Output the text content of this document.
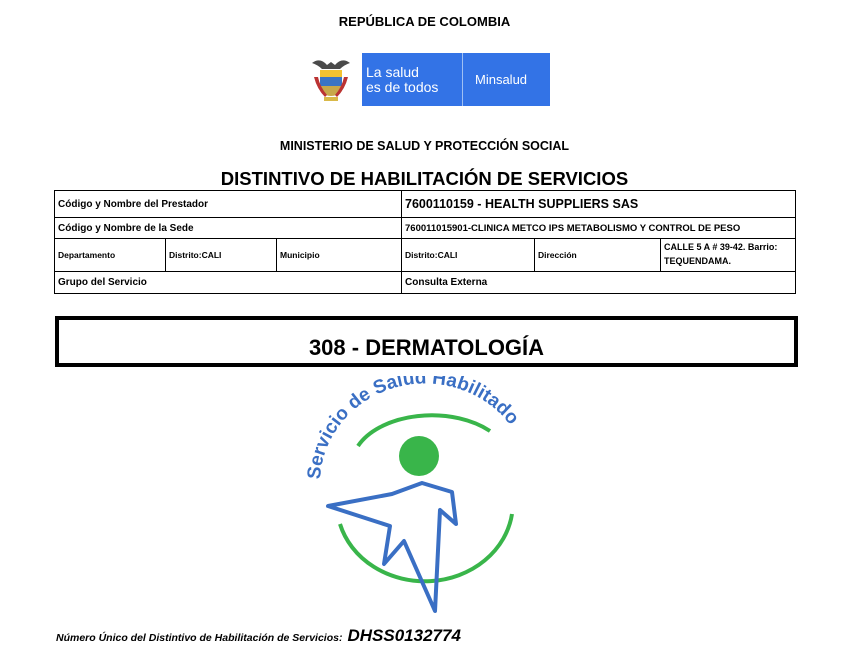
REPÚBLICA DE COLOMBIA
La salud
es de todos	Minsalud
MINISTERIO DE SALUD Y PROTECCIÓN SOCIAL
DISTINTIVO DE HABILITACIÓN DE SERVICIOS
Código y Nombre del Prestador			7600110159 - HEALTH SUPPLIERS SAS		
Código y Nombre de la Sede			760011015901-CLINICA METCO IPS METABOLISMO Y CONTROL DE PESO		
Departamento	Distrito:CALI	Municipio	Distrito:CALI	Dirección	CALLE 5 A # 39-42. Barrio: TEQUENDAMA.
Grupo del Servicio			Consulta Externa		
308 - DERMATOLOGÍA
Servicio de Salud Habilitado
Número Único del Distintivo de Habilitación de Servicios: DHSS0132774
